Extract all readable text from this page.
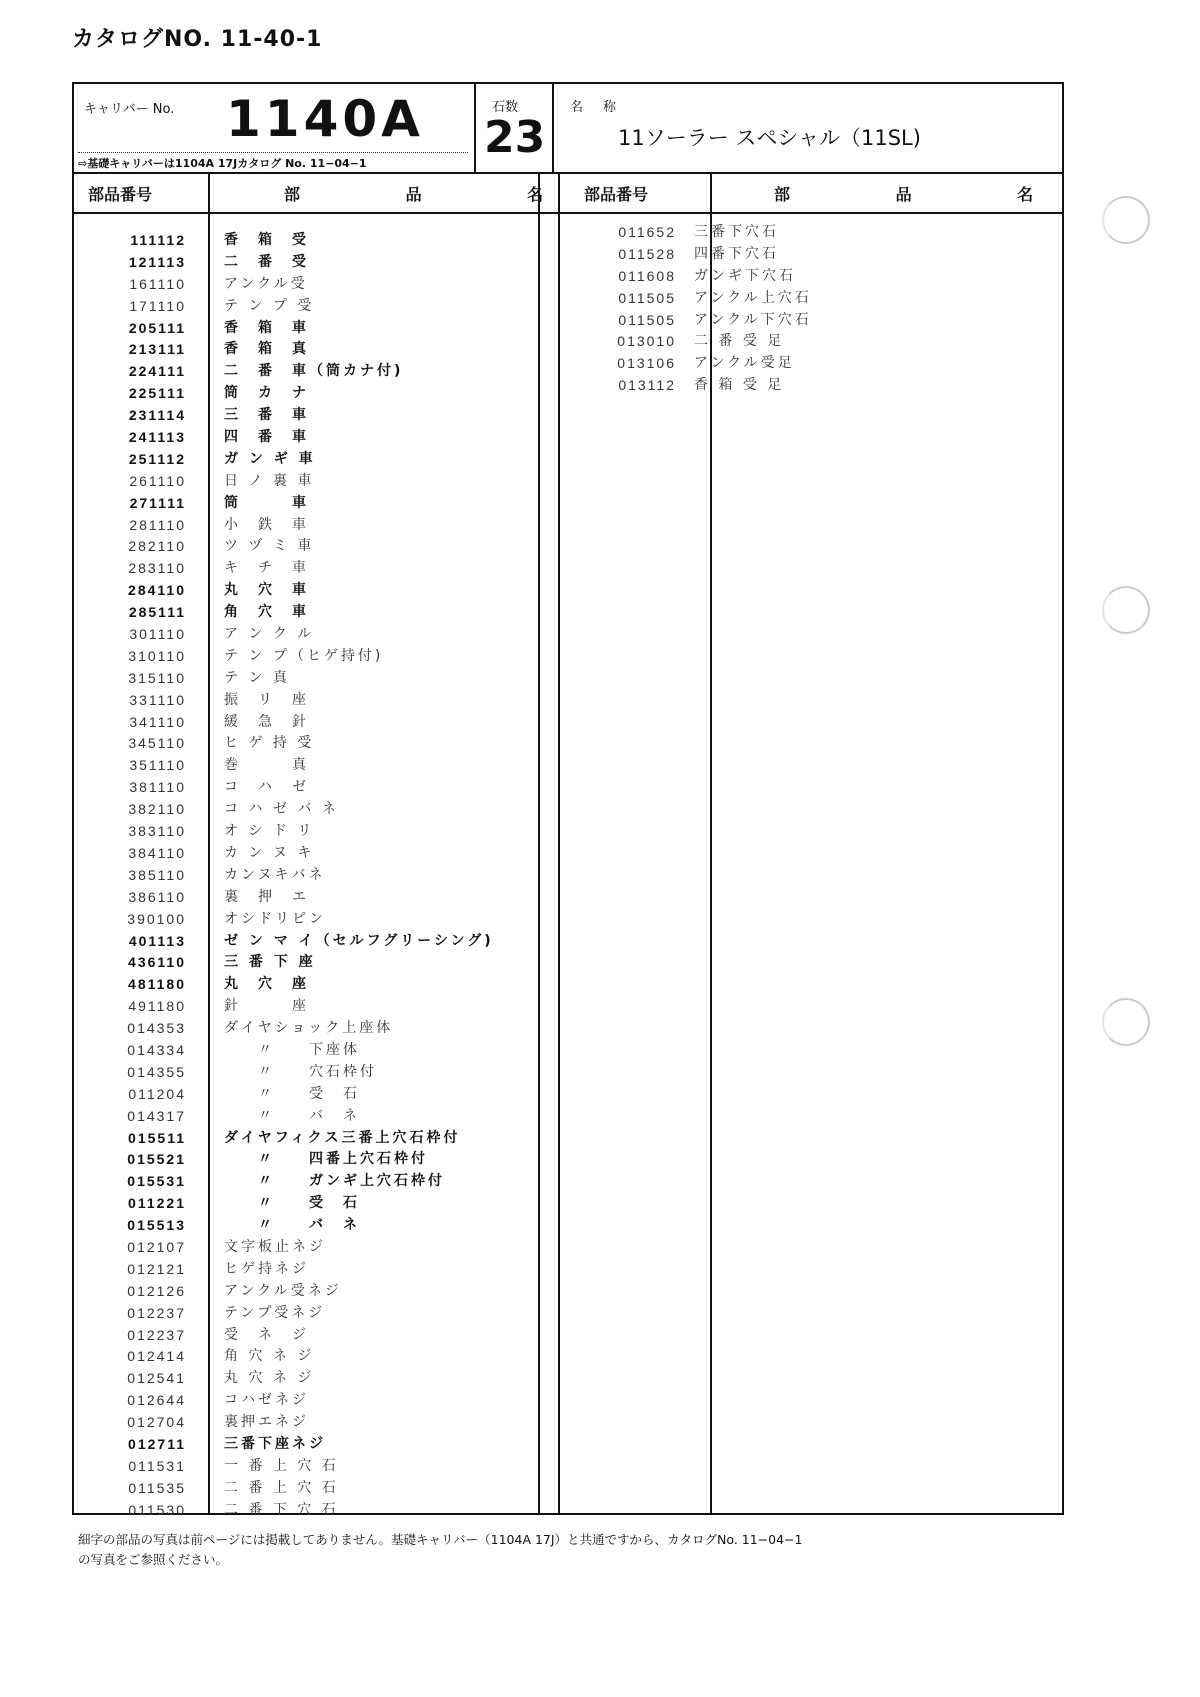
カタログNO. 11-40-1
キャリバー No. 1140A
⇨基礎キャリバーは1104A 17Jカタログ No. 11−04−1
石数
23
名称
11ソーラー スペシャル（11SL)
部品番号	部 品 名
部品番号	部 品 名
111112	香　箱　受
121113	二　番　受
161110	アンクル受
171110	テ ン プ 受
205111	香　箱　車
213111	香　箱　真
224111	二　番　車（筒カナ付)
225111	筒　カ　ナ
231114	三　番　車
241113	四　番　車
251112	ガ ン ギ 車
261110	日 ノ 裏 車
271111	筒　　　車
281110	小　鉄　車
282110	ツ ヅ ミ 車
283110	キ　チ　車
284110	丸　穴　車
285111	角　穴　車
301110	ア ン ク ル
310110	テ ン プ（ヒゲ持付)
315110	テ ン 真
331110	振　リ　座
341110	緩　急　針
345110	ヒ ゲ 持 受
351110	巻　　　真
381110	コ　ハ　ゼ
382110	コ ハ ゼ バ ネ
383110	オ シ ド リ
384110	カ ン ヌ キ
385110	カンヌキバネ
386110	裏　押　エ
390100	オシドリピン
401113	ゼ ン マ イ（セルフグリーシング)
436110	三 番 下 座
481180	丸　穴　座
491180	針　　　座
014353	ダイヤショック上座体
014334	　　〃　　下座体
014355	　　〃　　穴石枠付
011204	　　〃　　受　石
014317	　　〃　　バ　ネ
015511	ダイヤフィクス三番上穴石枠付
015521	　　〃　　四番上穴石枠付
015531	　　〃　　ガンギ上穴石枠付
011221	　　〃　　受　石
015513	　　〃　　バ　ネ
012107	文字板止ネジ
012121	ヒゲ持ネジ
012126	アンクル受ネジ
012237	テンプ受ネジ
012237	受　ネ　ジ
012414	角 穴 ネ ジ
012541	丸 穴 ネ ジ
012644	コハゼネジ
012704	裏押エネジ
012711	三番下座ネジ
011531	一 番 上 穴 石
011535	二 番 上 穴 石
011530	二 番 下 穴 石
011652 三番下穴石
011528 四番下穴石
011608 ガンギ下穴石
011505 アンクル上穴石
011505 アンクル下穴石
013010 二 番 受 足
013106 アンクル受足
013112 香 箱 受 足
細字の部品の写真は前ページには掲載してありません。基礎キャリバー（1104A 17J）と共通ですから、カタログNo. 11−04−1
の写真をご参照ください。
